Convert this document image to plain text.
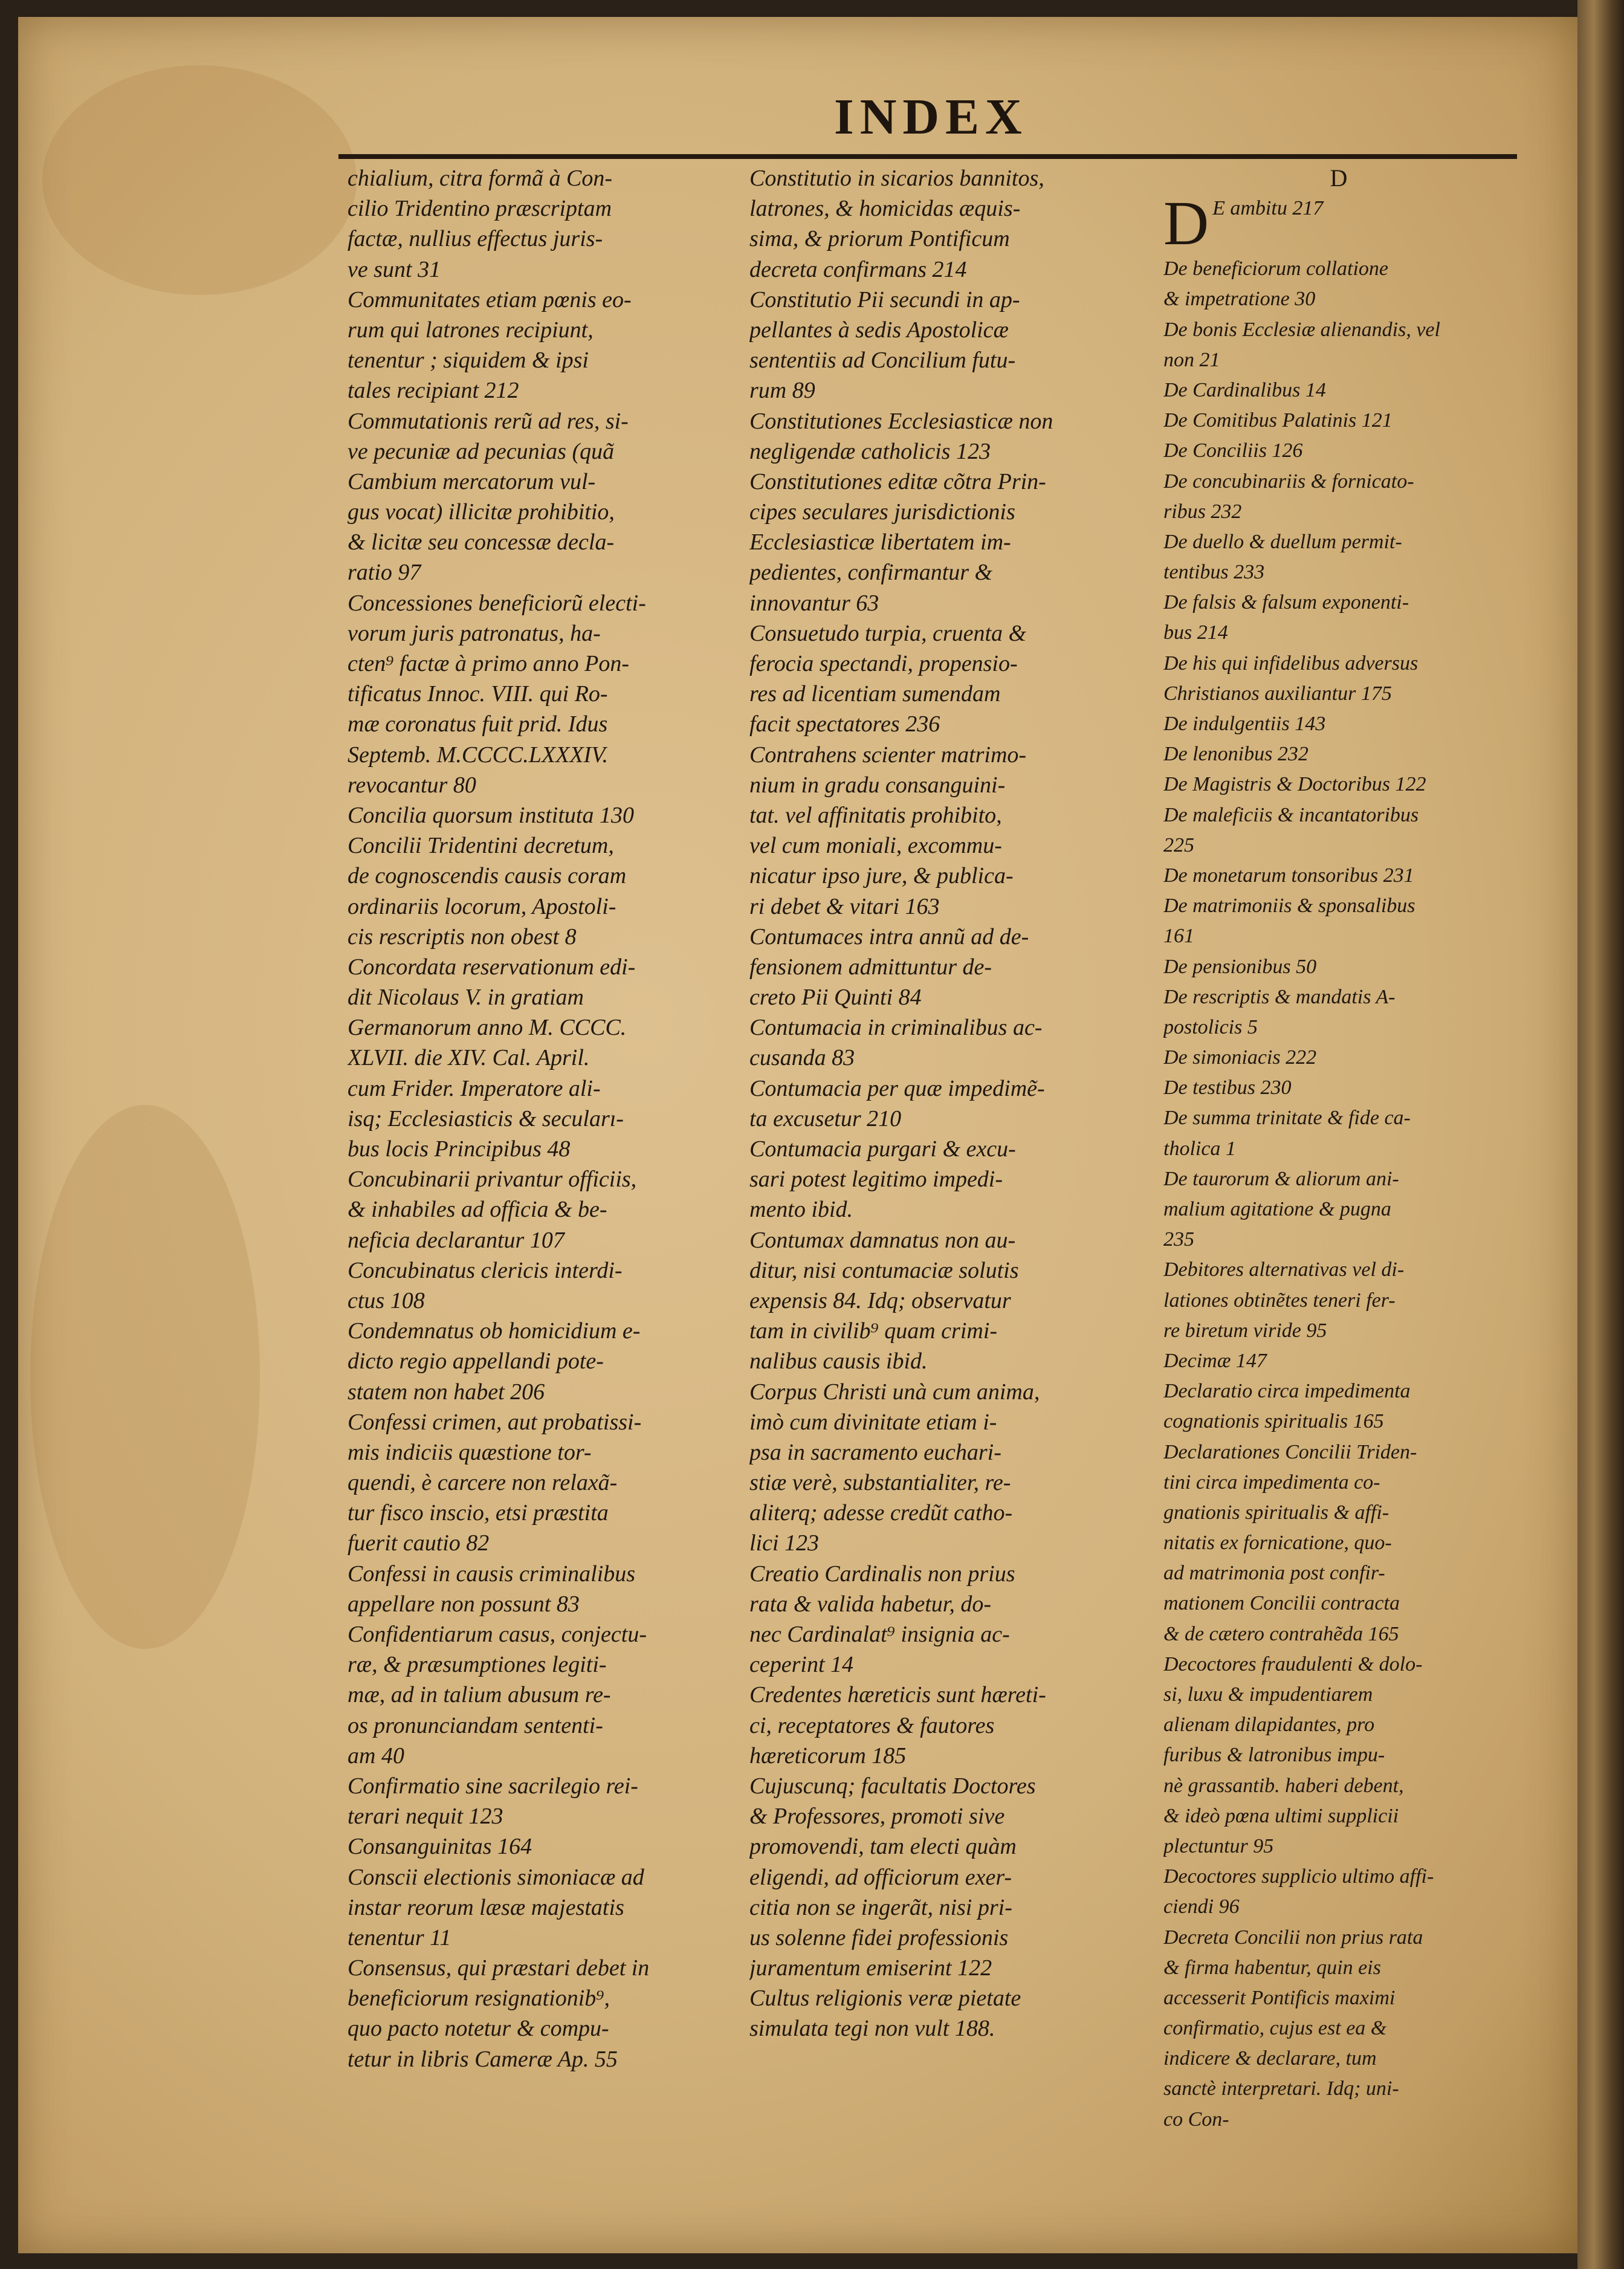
INDEX
chialium, citra formã à Con-
cilio Tridentino præscriptam
factæ, nullius effectus juris-
ve sunt 31
Communitates etiam pœnis eo-
rum qui latrones recipiunt,
tenentur ; siquidem & ipsi
tales recipiant 212
Commutationis rerũ ad res, si-
ve pecuniæ ad pecunias (quã
Cambium mercatorum vul-
gus vocat) illicitæ prohibitio,
& licitæ seu concessæ decla-
ratio 97
Concessiones beneficiorũ electi-
vorum juris patronatus, ha-
cten⁹ factæ à primo anno Pon-
tificatus Innoc. VIII. qui Ro-
mæ coronatus fuit prid. Idus
Septemb. M.CCCC.LXXXIV.
revocantur 80
Concilia quorsum instituta 130
Concilii Tridentini decretum,
de cognoscendis causis coram
ordinariis locorum, Apostoli-
cis rescriptis non obest 8
Concordata reservationum edi-
dit Nicolaus V. in gratiam
Germanorum anno M. CCCC.
XLVII. die XIV. Cal. April.
cum Frider. Imperatore ali-
isq; Ecclesiasticis & secuları-
bus locis Principibus 48
Concubinarii privantur officiis,
& inhabiles ad officia & be-
neficia declarantur 107
Concubinatus clericis interdi-
ctus 108
Condemnatus ob homicidium e-
dicto regio appellandi pote-
statem non habet 206
Confessi crimen, aut probatissi-
mis indiciis quæstione tor-
quendi, è carcere non relaxã-
tur fisco inscio, etsi præstita
fuerit cautio 82
Confessi in causis criminalibus
appellare non possunt 83
Confidentiarum casus, conjectu-
ræ, & præsumptiones legiti-
mæ, ad in talium abusum re-
os pronunciandam sententi-
am 40
Confirmatio sine sacrilegio rei-
terari nequit 123
Consanguinitas 164
Conscii electionis simoniacæ ad
instar reorum læsæ majestatis
tenentur 11
Consensus, qui præstari debet in
beneficiorum resignationib⁹,
quo pacto notetur & compu-
tetur in libris Cameræ Ap. 55
Constitutio in sicarios bannitos,
latrones, & homicidas æquis-
sima, & priorum Pontificum
decreta confirmans 214
Constitutio Pii secundi in ap-
pellantes à sedis Apostolicæ
sententiis ad Concilium futu-
rum 89
Constitutiones Ecclesiasticæ non
negligendæ catholicis 123
Constitutiones editæ cõtra Prin-
cipes seculares jurisdictionis
Ecclesiasticæ libertatem im-
pedientes, confirmantur &
innovantur 63
Consuetudo turpia, cruenta &
ferocia spectandi, propensio-
res ad licentiam sumendam
facit spectatores 236
Contrahens scienter matrimo-
nium in gradu consanguini-
tat. vel affinitatis prohibito,
vel cum moniali, excommu-
nicatur ipso jure, & publica-
ri debet & vitari 163
Contumaces intra annũ ad de-
fensionem admittuntur de-
creto Pii Quinti 84
Contumacia in criminalibus ac-
cusanda 83
Contumacia per quæ impedimẽ-
ta excusetur 210
Contumacia purgari & excu-
sari potest legitimo impedi-
mento ibid.
Contumax damnatus non au-
ditur, nisi contumaciæ solutis
expensis 84. Idq; observatur
tam in civilib⁹ quam crimi-
nalibus causis ibid.
Corpus Christi unà cum anima,
imò cum divinitate etiam i-
psa in sacramento euchari-
stiæ verè, substantialiter, re-
aliterq; adesse credũt catho-
lici 123
Creatio Cardinalis non prius
rata & valida habetur, do-
nec Cardinalat⁹ insignia ac-
ceperint 14
Credentes hæreticis sunt hæreti-
ci, receptatores & fautores
hæreticorum 185
Cujuscunq; facultatis Doctores
& Professores, promoti sive
promovendi, tam electi quàm
eligendi, ad officiorum exer-
citia non se ingerãt, nisi pri-
us solenne fidei professionis
juramentum emiserint 122
Cultus religionis veræ pietate
simulata tegi non vult 188.
D
D E ambitu 217
De beneficiorum collatione
& impetratione 30
De bonis Ecclesiæ alienandis, vel
non 21
De Cardinalibus 14
De Comitibus Palatinis 121
De Conciliis 126
De concubinariis & fornicato-
ribus 232
De duello & duellum permit-
tentibus 233
De falsis & falsum exponenti-
bus 214
De his qui infidelibus adversus
Christianos auxiliantur 175
De indulgentiis 143
De lenonibus 232
De Magistris & Doctoribus 122
De maleficiis & incantatoribus
225
De monetarum tonsoribus 231
De matrimoniis & sponsalibus
161
De pensionibus 50
De rescriptis & mandatis A-
postolicis 5
De simoniacis 222
De testibus 230
De summa trinitate & fide ca-
tholica 1
De taurorum & aliorum ani-
malium agitatione & pugna
235
Debitores alternativas vel di-
lationes obtinẽtes teneri fer-
re biretum viride 95
Decimæ 147
Declaratio circa impedimenta
cognationis spiritualis 165
Declarationes Concilii Triden-
tini circa impedimenta co-
gnationis spiritualis & affi-
nitatis ex fornicatione, quo-
ad matrimonia post confir-
mationem Concilii contracta
& de cætero contrahẽda 165
Decoctores fraudulenti & dolo-
si, luxu & impudentiarem
alienam dilapidantes, pro
furibus & latronibus impu-
nè grassantib. haberi debent,
& ideò pœna ultimi supplicii
plectuntur 95
Decoctores supplicio ultimo affi-
ciendi 96
Decreta Concilii non prius rata
& firma habentur, quin eis
accesserit Pontificis maximi
confirmatio, cujus est ea &
indicere & declarare, tum
sanctè interpretari. Idq; uni-
co Con-
